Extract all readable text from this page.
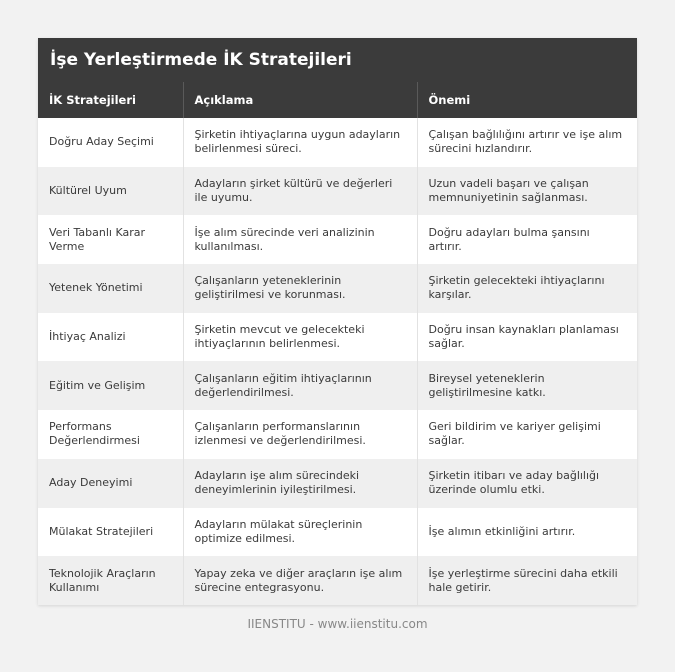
İşe Yerleştirmede İK Stratejileri
İK Stratejileri	Açıklama	Önemi
Doğru Aday Seçimi	Şirketin ihtiyaçlarına uygun adayların belirlenmesi süreci.	Çalışan bağlılığını artırır ve işe alım sürecini hızlandırır.
Kültürel Uyum	Adayların şirket kültürü ve değerleri ile uyumu.	Uzun vadeli başarı ve çalışan memnuniyetinin sağlanması.
Veri Tabanlı Karar Verme	İşe alım sürecinde veri analizinin kullanılması.	Doğru adayları bulma şansını artırır.
Yetenek Yönetimi	Çalışanların yeteneklerinin geliştirilmesi ve korunması.	Şirketin gelecekteki ihtiyaçlarını karşılar.
İhtiyaç Analizi	Şirketin mevcut ve gelecekteki ihtiyaçlarının belirlenmesi.	Doğru insan kaynakları planlaması sağlar.
Eğitim ve Gelişim	Çalışanların eğitim ihtiyaçlarının değerlendirilmesi.	Bireysel yeteneklerin geliştirilmesine katkı.
Performans Değerlendirmesi	Çalışanların performanslarının izlenmesi ve değerlendirilmesi.	Geri bildirim ve kariyer gelişimi sağlar.
Aday Deneyimi	Adayların işe alım sürecindeki deneyimlerinin iyileştirilmesi.	Şirketin itibarı ve aday bağlılığı üzerinde olumlu etki.
Mülakat Stratejileri	Adayların mülakat süreçlerinin optimize edilmesi.	İşe alımın etkinliğini artırır.
Teknolojik Araçların Kullanımı	Yapay zeka ve diğer araçların işe alım sürecine entegrasyonu.	İşe yerleştirme sürecini daha etkili hale getirir.
IIENSTITU - www.iienstitu.com
